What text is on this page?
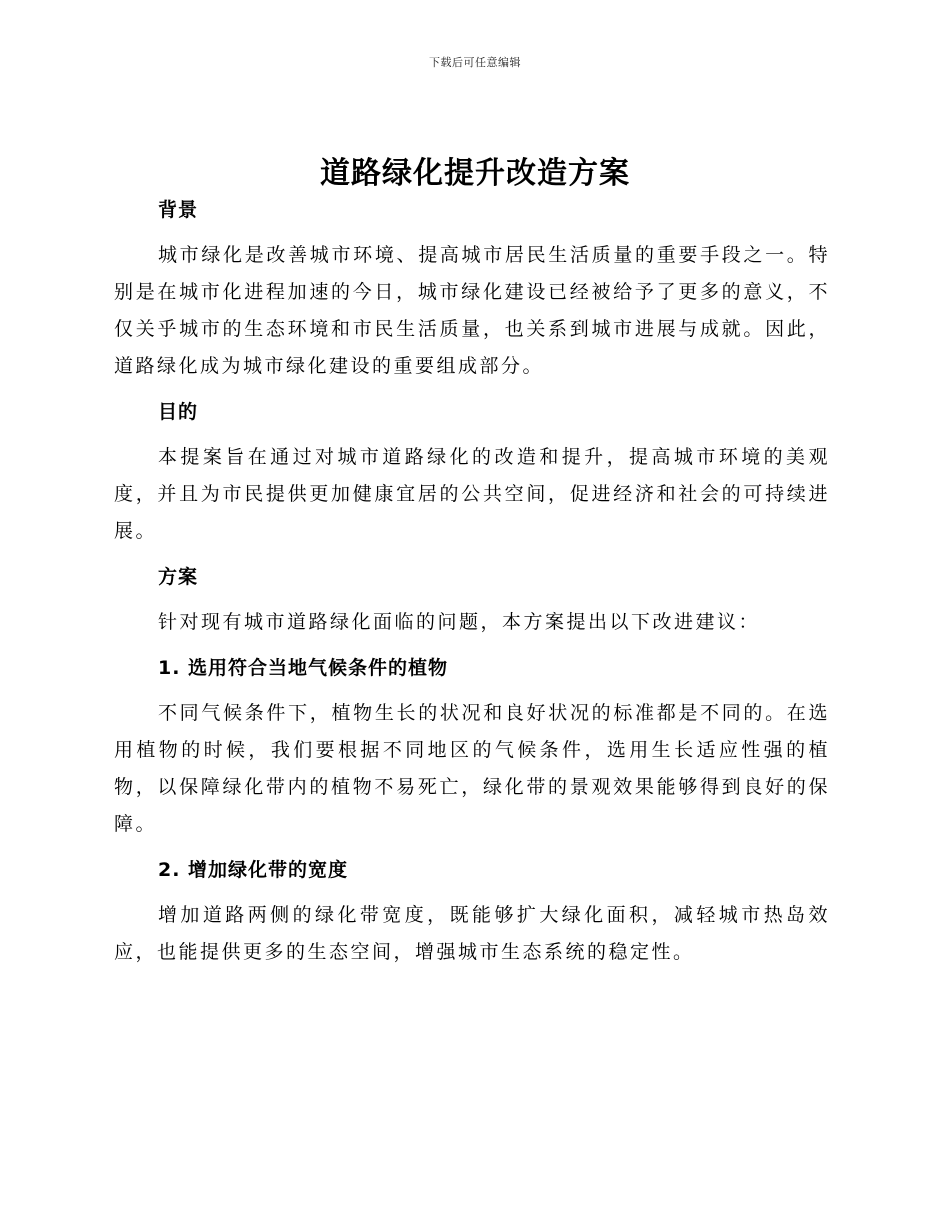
下载后可任意编辑
道路绿化提升改造方案
背景

城市绿化是改善城市环境、提高城市居民生活质量的重要手段之一。特别是在城市化进程加速的今日，城市绿化建设已经被给予了更多的意义，不仅关乎城市的生态环境和市民生活质量，也关系到城市进展与成就。因此，道路绿化成为城市绿化建设的重要组成部分。

目的

本提案旨在通过对城市道路绿化的改造和提升，提高城市环境的美观度，并且为市民提供更加健康宜居的公共空间，促进经济和社会的可持续进展。

方案

针对现有城市道路绿化面临的问题，本方案提出以下改进建议：

1. 选用符合当地气候条件的植物

不同气候条件下，植物生长的状况和良好状况的标准都是不同的。在选用植物的时候，我们要根据不同地区的气候条件，选用生长适应性强的植物，以保障绿化带内的植物不易死亡，绿化带的景观效果能够得到良好的保障。

2. 增加绿化带的宽度

增加道路两侧的绿化带宽度，既能够扩大绿化面积，减轻城市热岛效应，也能提供更多的生态空间，增强城市生态系统的稳定性。
